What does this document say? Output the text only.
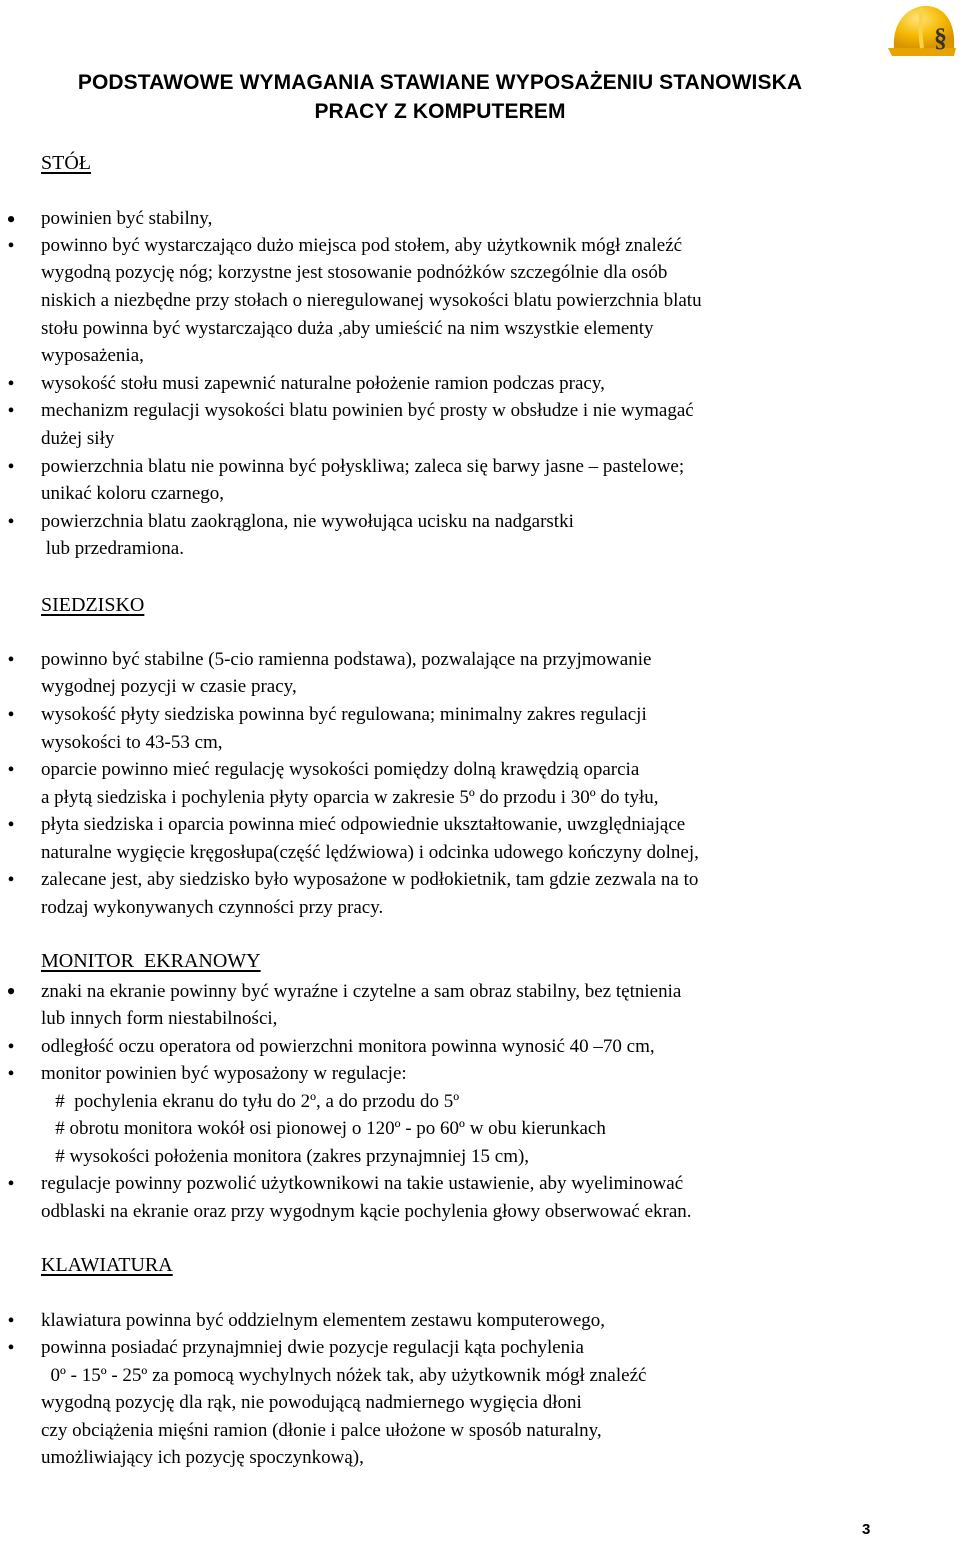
§
PODSTAWOWE WYMAGANIA STAWIANE WYPOSAŻENIU STANOWISKA
PRACY Z KOMPUTEREM
STÓŁ
• powinien być stabilny,
• powinno być wystarczająco dużo miejsca pod stołem, aby użytkownik mógł znaleźć
wygodną pozycję nóg; korzystne jest stosowanie podnóżków szczególnie dla osób
niskich a niezbędne przy stołach o nieregulowanej wysokości blatu powierzchnia blatu
stołu powinna być wystarczająco duża ,aby umieścić na nim wszystkie elementy
wyposażenia,
• wysokość stołu musi zapewnić naturalne położenie ramion podczas pracy,
• mechanizm regulacji wysokości blatu powinien być prosty w obsłudze i nie wymagać
dużej siły
• powierzchnia blatu nie powinna być połyskliwa; zaleca się barwy jasne – pastelowe;
unikać koloru czarnego,
• powierzchnia blatu zaokrąglona, nie wywołująca ucisku na nadgarstki
lub przedramiona.
SIEDZISKO
• powinno być stabilne (5-cio ramienna podstawa), pozwalające na przyjmowanie
wygodnej pozycji w czasie pracy,
• wysokość płyty siedziska powinna być regulowana; minimalny zakres regulacji
wysokości to 43-53 cm,
• oparcie powinno mieć regulację wysokości pomiędzy dolną krawędzią oparcia
a płytą siedziska i pochylenia płyty oparcia w zakresie 5º do przodu i 30º do tyłu,
• płyta siedziska i oparcia powinna mieć odpowiednie ukształtowanie, uwzględniające
naturalne wygięcie kręgosłupa(część lędźwiowa) i odcinka udowego kończyny dolnej,
• zalecane jest, aby siedzisko było wyposażone w podłokietnik, tam gdzie zezwala na to
rodzaj wykonywanych czynności przy pracy.
MONITOR  EKRANOWY
• znaki na ekranie powinny być wyraźne i czytelne a sam obraz stabilny, bez tętnienia
lub innych form niestabilności,
• odległość oczu operatora od powierzchni monitora powinna wynosić 40 –70 cm,
• monitor powinien być wyposażony w regulacje:
#  pochylenia ekranu do tyłu do 2º, a do przodu do 5º
# obrotu monitora wokół osi pionowej o 120º - po 60º w obu kierunkach
# wysokości położenia monitora (zakres przynajmniej 15 cm),
• regulacje powinny pozwolić użytkownikowi na takie ustawienie, aby wyeliminować
odblaski na ekranie oraz przy wygodnym kącie pochylenia głowy obserwować ekran.
KLAWIATURA
• klawiatura powinna być oddzielnym elementem zestawu komputerowego,
• powinna posiadać przynajmniej dwie pozycje regulacji kąta pochylenia
0º - 15º - 25º za pomocą wychylnych nóżek tak, aby użytkownik mógł znaleźć
wygodną pozycję dla rąk, nie powodującą nadmiernego wygięcia dłoni
czy obciążenia mięśni ramion (dłonie i palce ułożone w sposób naturalny,
umożliwiający ich pozycję spoczynkową),
3
